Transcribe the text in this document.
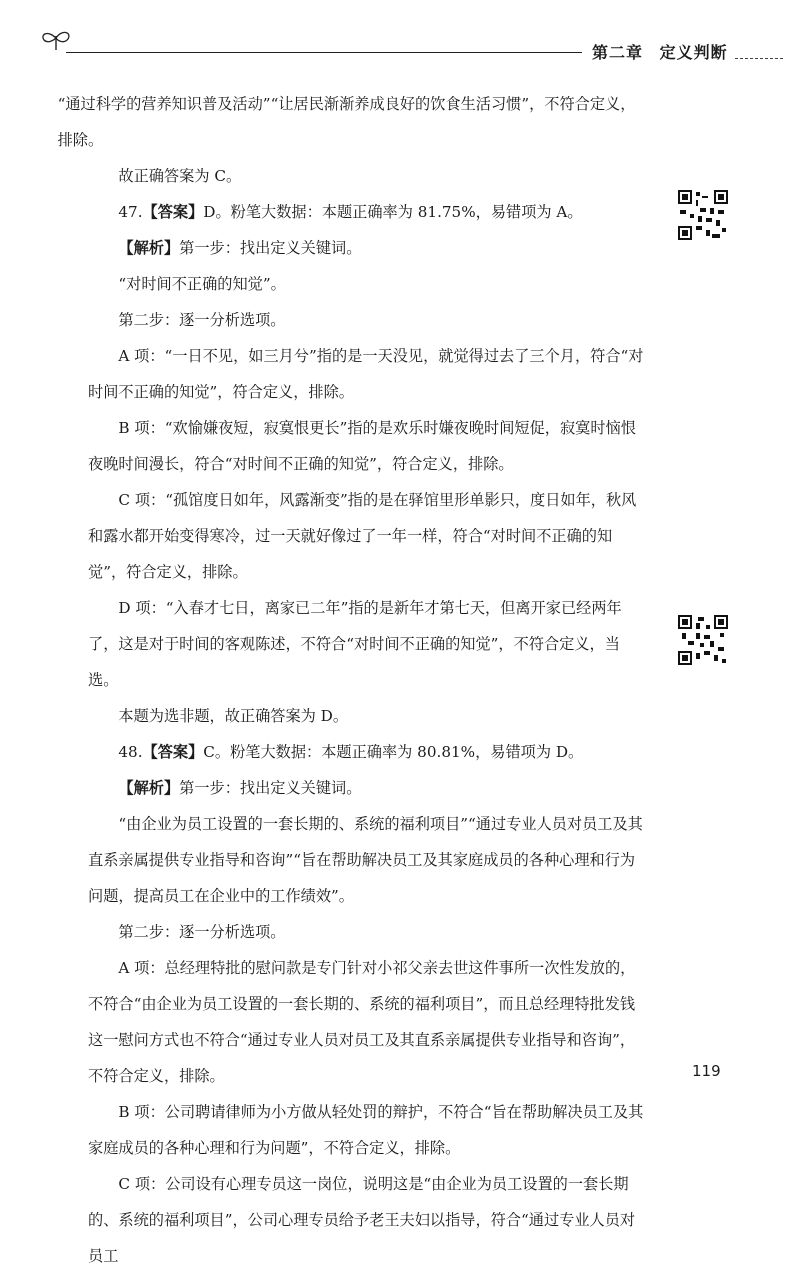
第二章 定义判断

“通过科学的营养知识普及活动”“让居民渐渐养成良好的饮食生活习惯”，不符合定义，排除。

故正确答案为 C。

47.【答案】D。粉笔大数据：本题正确率为 81.75%，易错项为 A。

【解析】第一步：找出定义关键词。

“对时间不正确的知觉”。

第二步：逐一分析选项。

A 项：“一日不见，如三月兮”指的是一天没见，就觉得过去了三个月，符合“对时间不正确的知觉”，符合定义，排除。

B 项：“欢愉嫌夜短，寂寞恨更长”指的是欢乐时嫌夜晚时间短促，寂寞时恼恨夜晚时间漫长，符合“对时间不正确的知觉”，符合定义，排除。

C 项：“孤馆度日如年，风露渐变”指的是在驿馆里形单影只，度日如年，秋风和露水都开始变得寒冷，过一天就好像过了一年一样，符合“对时间不正确的知觉”，符合定义，排除。

D 项：“入春才七日，离家已二年”指的是新年才第七天，但离开家已经两年了，这是对于时间的客观陈述，不符合“对时间不正确的知觉”，不符合定义，当选。

本题为选非题，故正确答案为 D。

48.【答案】C。粉笔大数据：本题正确率为 80.81%，易错项为 D。

【解析】第一步：找出定义关键词。

“由企业为员工设置的一套长期的、系统的福利项目”“通过专业人员对员工及其直系亲属提供专业指导和咨询”“旨在帮助解决员工及其家庭成员的各种心理和行为问题，提高员工在企业中的工作绩效”。

第二步：逐一分析选项。

A 项：总经理特批的慰问款是专门针对小祁父亲去世这件事所一次性发放的，不符合“由企业为员工设置的一套长期的、系统的福利项目”，而且总经理特批发钱这一慰问方式也不符合“通过专业人员对员工及其直系亲属提供专业指导和咨询”，不符合定义，排除。

B 项：公司聘请律师为小方做从轻处罚的辩护，不符合“旨在帮助解决员工及其家庭成员的各种心理和行为问题”，不符合定义，排除。

C 项：公司设有心理专员这一岗位，说明这是“由企业为员工设置的一套长期的、系统的福利项目”，公司心理专员给予老王夫妇以指导，符合“通过专业人员对员工

119
